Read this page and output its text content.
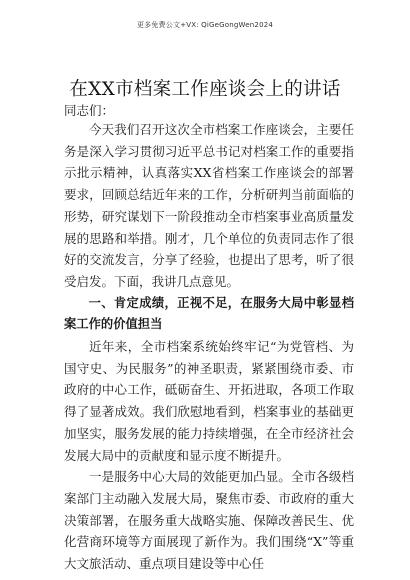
更多免费公文+VX: QiGeGongWen2024
在XX市档案工作座谈会上的讲话
同志们：

今天我们召开这次全市档案工作座谈会，主要任务是深入学习贯彻习近平总书记对档案工作的重要指示批示精神，认真落实XX省档案工作座谈会的部署要求，回顾总结近年来的工作，分析研判当前面临的形势，研究谋划下一阶段推动全市档案事业高质量发展的思路和举措。刚才，几个单位的负责同志作了很好的交流发言，分享了经验，也提出了思考，听了很受启发。下面，我讲几点意见。

一、肯定成绩，正视不足，在服务大局中彰显档案工作的价值担当

近年来，全市档案系统始终牢记“为党管档、为国守史、为民服务”的神圣职责，紧紧围绕市委、市政府的中心工作，砥砺奋生、开拓进取，各项工作取得了显著成效。我们欣慰地看到，档案事业的基础更加坚实，服务发展的能力持续增强，在全市经济社会发展大局中的贡献度和显示度不断提升。

一是服务中心大局的效能更加凸显。全市各级档案部门主动融入发展大局，聚焦市委、市政府的重大决策部署，在服务重大战略实施、保障改善民生、优化营商环境等方面展现了新作为。我们围绕“X”等重大文旅活动、重点项目建设等中心任
